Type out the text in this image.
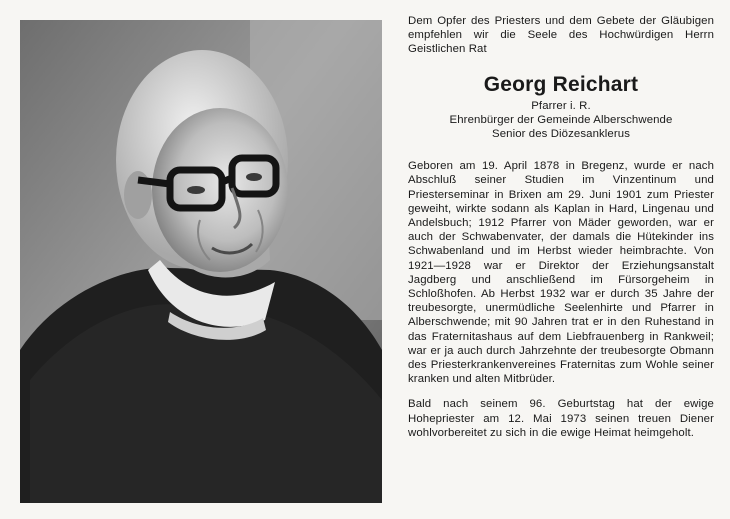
Dem Opfer des Priesters und dem Gebete der Gläubigen empfehlen wir die Seele des Hochwürdigen Herrn Geistlichen Rat

Georg Reichart

Pfarrer i. R.

Ehrenbürger der Gemeinde Alberschwende

Senior des Diözesanklerus

Geboren am 19. April 1878 in Bregenz, wurde er nach Abschluß seiner Studien im Vinzentinum und Priesterseminar in Brixen am 29. Juni 1901 zum Priester geweiht, wirkte sodann als Kaplan in Hard, Lingenau und Andelsbuch; 1912 Pfarrer von Mäder geworden, war er auch der Schwabenvater, der damals die Hütekinder ins Schwabenland und im Herbst wieder heimbrachte. Von 1921—1928 war er Direktor der Erziehungsanstalt Jagdberg und anschließend im Fürsorgeheim in Schloßhofen. Ab Herbst 1932 war er durch 35 Jahre der treubesorgte, unermüdliche Seelenhirte und Pfarrer in Alberschwende; mit 90 Jahren trat er in den Ruhestand in das Fraternitashaus auf dem Liebfrauenberg in Rankweil; war er ja auch durch Jahrzehnte der treubesorgte Obmann des Priesterkrankenvereines Fraternitas zum Wohle seiner kranken und alten Mitbrüder.

Bald nach seinem 96. Geburtstag hat der ewige Hohepriester am 12. Mai 1973 seinen treuen Diener wohlvorbereitet zu sich in die ewige Heimat heimgeholt.
